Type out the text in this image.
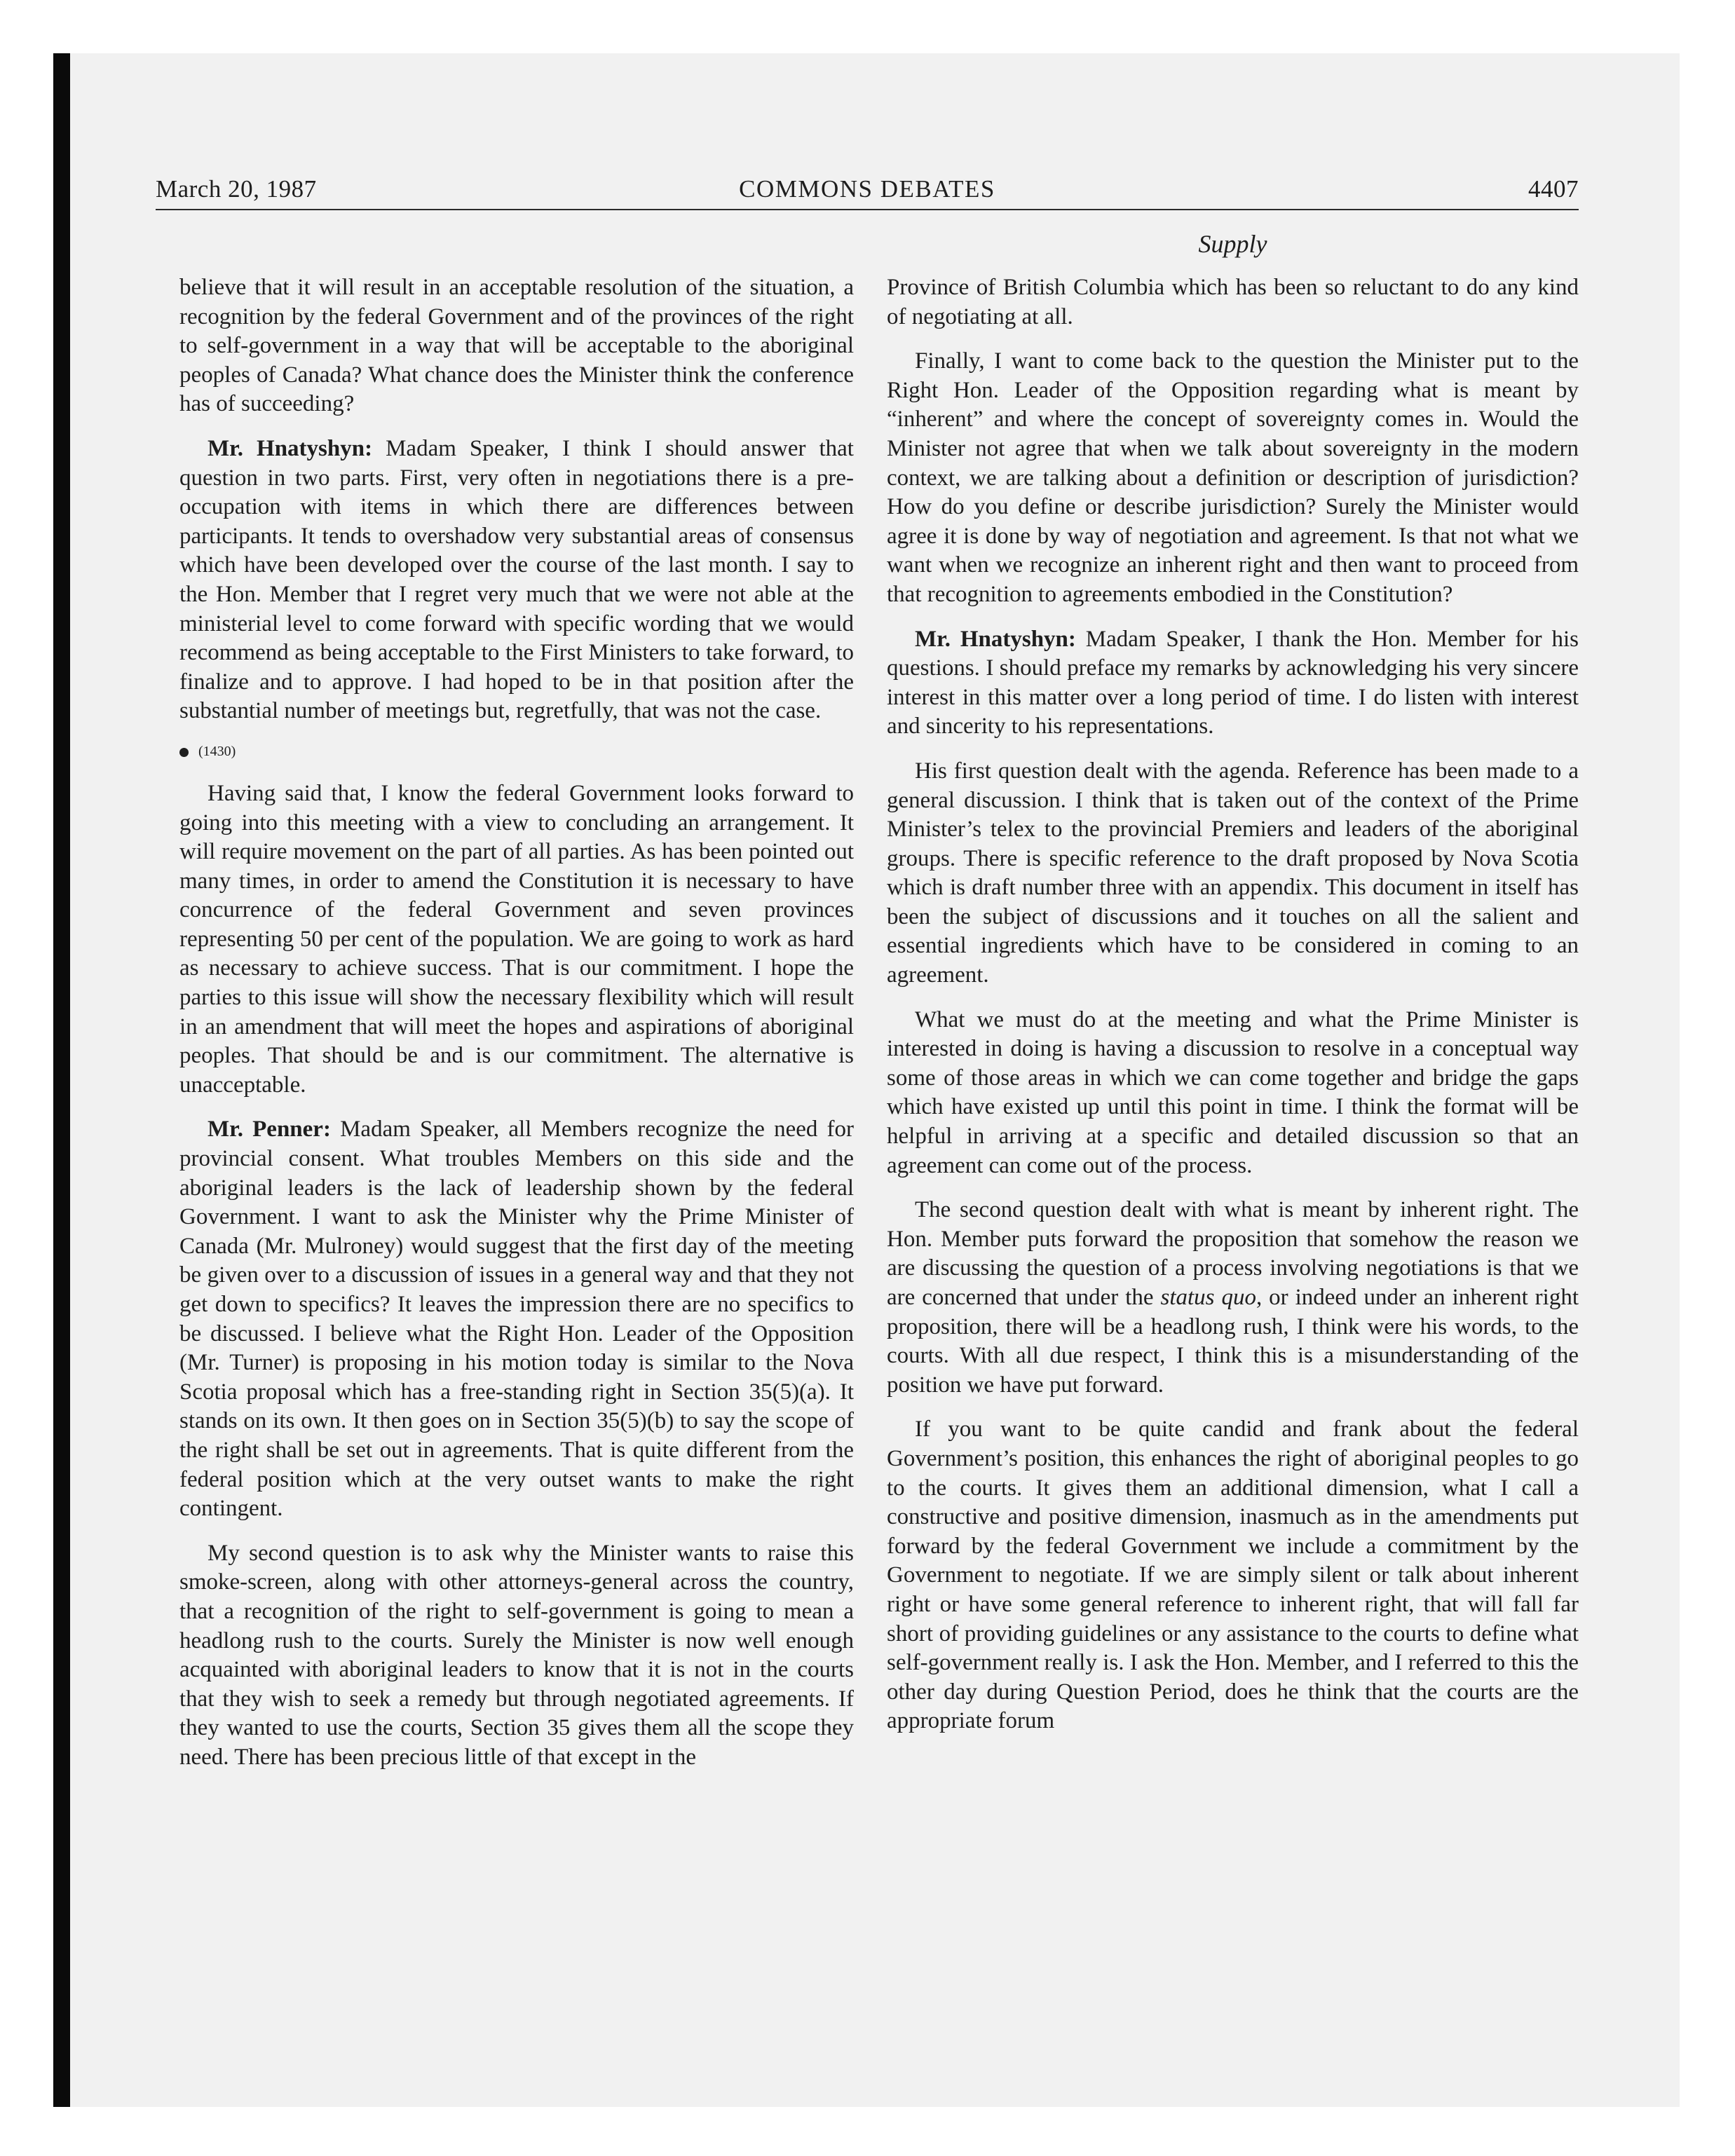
March 20, 1987	COMMONS DEBATES	4407
Supply

believe that it will result in an acceptable resolution of the situation, a recognition by the federal Government and of the provinces of the right to self-government in a way that will be acceptable to the aboriginal peoples of Canada? What chance does the Minister think the conference has of succeeding?

Mr. Hnatyshyn: Madam Speaker, I think I should answer that question in two parts. First, very often in negotiations there is a pre-occupation with items in which there are differences between participants. It tends to overshadow very substantial areas of consensus which have been developed over the course of the last month. I say to the Hon. Member that I regret very much that we were not able at the ministerial level to come forward with specific wording that we would recommend as being acceptable to the First Ministers to take forward, to finalize and to approve. I had hoped to be in that position after the substantial number of meetings but, regretfully, that was not the case.

(1430)

Having said that, I know the federal Government looks forward to going into this meeting with a view to concluding an arrangement. It will require movement on the part of all parties. As has been pointed out many times, in order to amend the Constitution it is necessary to have concurrence of the federal Government and seven provinces representing 50 per cent of the population. We are going to work as hard as necessary to achieve success. That is our commitment. I hope the parties to this issue will show the necessary flexibility which will result in an amendment that will meet the hopes and aspirations of aboriginal peoples. That should be and is our commitment. The alternative is unacceptable.

Mr. Penner: Madam Speaker, all Members recognize the need for provincial consent. What troubles Members on this side and the aboriginal leaders is the lack of leadership shown by the federal Government. I want to ask the Minister why the Prime Minister of Canada (Mr. Mulroney) would suggest that the first day of the meeting be given over to a discussion of issues in a general way and that they not get down to specifics? It leaves the impression there are no specifics to be discussed. I believe what the Right Hon. Leader of the Opposition (Mr. Turner) is proposing in his motion today is similar to the Nova Scotia proposal which has a free-standing right in Section 35(5)(a). It stands on its own. It then goes on in Section 35(5)(b) to say the scope of the right shall be set out in agreements. That is quite different from the federal position which at the very outset wants to make the right contingent.

My second question is to ask why the Minister wants to raise this smoke-screen, along with other attorneys-general across the country, that a recognition of the right to self-government is going to mean a headlong rush to the courts. Surely the Minister is now well enough acquainted with aboriginal leaders to know that it is not in the courts that they wish to seek a remedy but through negotiated agreements. If they wanted to use the courts, Section 35 gives them all the scope they need. There has been precious little of that except in the

Province of British Columbia which has been so reluctant to do any kind of negotiating at all.

Finally, I want to come back to the question the Minister put to the Right Hon. Leader of the Opposition regarding what is meant by “inherent” and where the concept of sovereignty comes in. Would the Minister not agree that when we talk about sovereignty in the modern context, we are talking about a definition or description of jurisdiction? How do you define or describe jurisdiction? Surely the Minister would agree it is done by way of negotiation and agreement. Is that not what we want when we recognize an inherent right and then want to proceed from that recognition to agreements embodied in the Constitution?

Mr. Hnatyshyn: Madam Speaker, I thank the Hon. Member for his questions. I should preface my remarks by acknowledging his very sincere interest in this matter over a long period of time. I do listen with interest and sincerity to his representations.

His first question dealt with the agenda. Reference has been made to a general discussion. I think that is taken out of the context of the Prime Minister’s telex to the provincial Premiers and leaders of the aboriginal groups. There is specific reference to the draft proposed by Nova Scotia which is draft number three with an appendix. This document in itself has been the subject of discussions and it touches on all the salient and essential ingredients which have to be considered in coming to an agreement.

What we must do at the meeting and what the Prime Minister is interested in doing is having a discussion to resolve in a conceptual way some of those areas in which we can come together and bridge the gaps which have existed up until this point in time. I think the format will be helpful in arriving at a specific and detailed discussion so that an agreement can come out of the process.

The second question dealt with what is meant by inherent right. The Hon. Member puts forward the proposition that somehow the reason we are discussing the question of a process involving negotiations is that we are concerned that under the status quo, or indeed under an inherent right proposition, there will be a headlong rush, I think were his words, to the courts. With all due respect, I think this is a misunderstanding of the position we have put forward.

If you want to be quite candid and frank about the federal Government’s position, this enhances the right of aboriginal peoples to go to the courts. It gives them an additional dimension, what I call a constructive and positive dimension, inasmuch as in the amendments put forward by the federal Government we include a commitment by the Government to negotiate. If we are simply silent or talk about inherent right or have some general reference to inherent right, that will fall far short of providing guidelines or any assistance to the courts to define what self-government really is. I ask the Hon. Member, and I referred to this the other day during Question Period, does he think that the courts are the appropriate forum
